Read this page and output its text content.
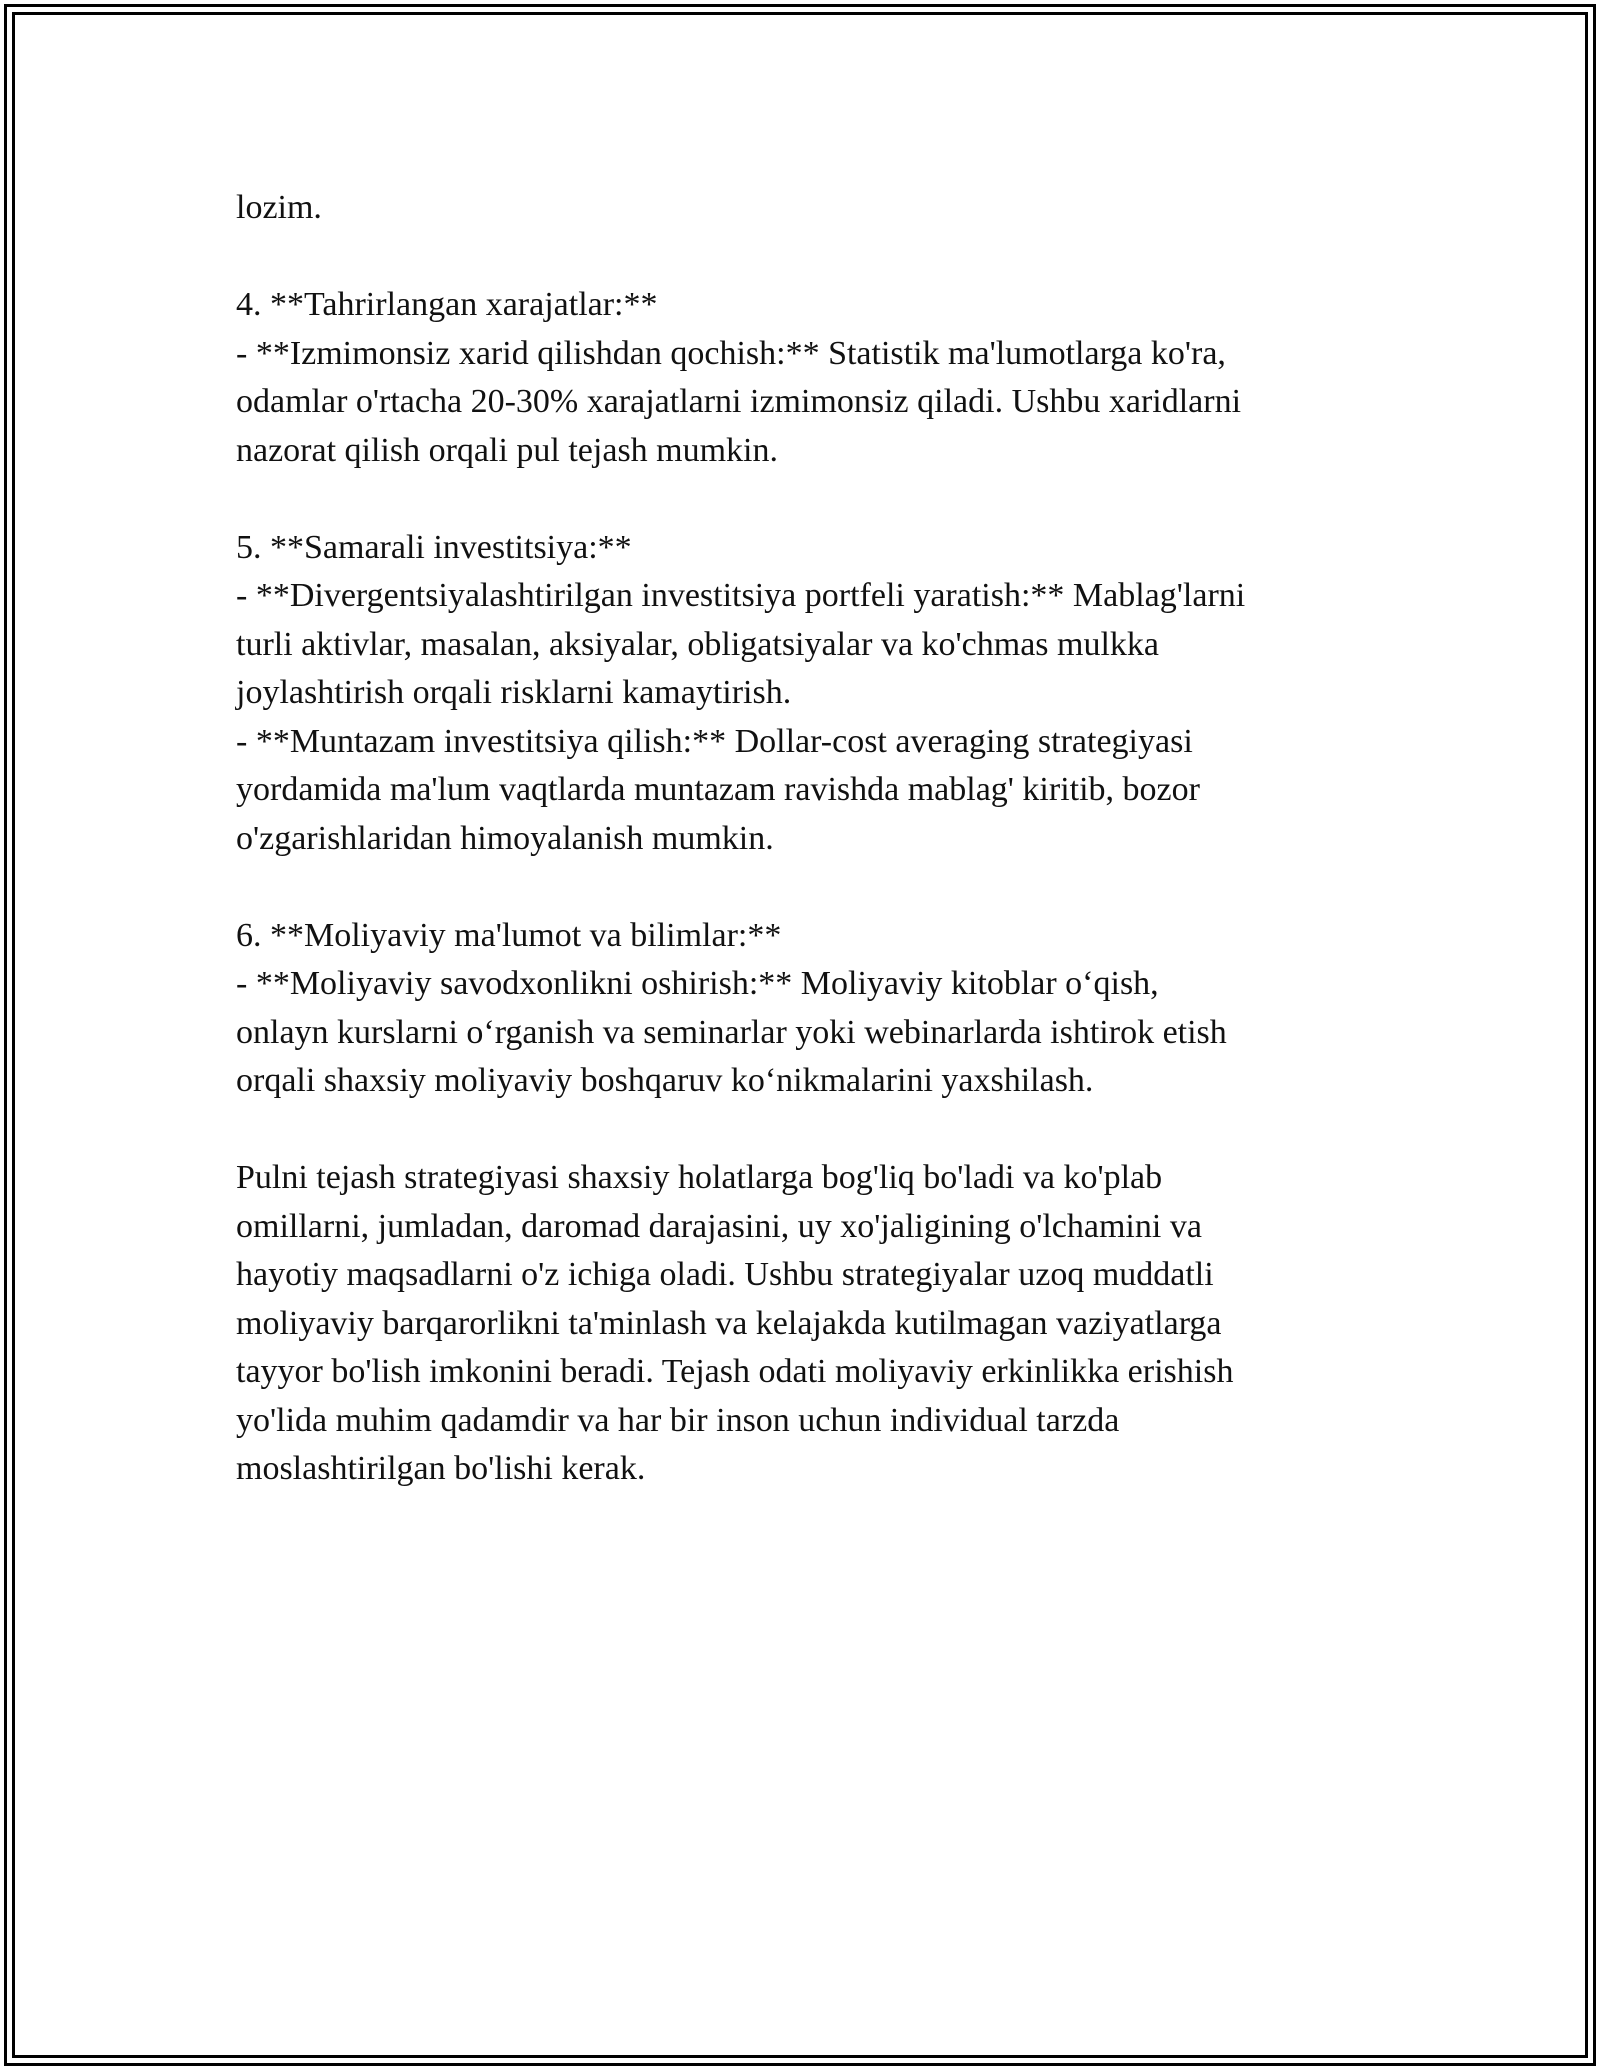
lozim.

4. **Tahrirlangan xarajatlar:**
- **Izmimonsiz xarid qilishdan qochish:** Statistik ma'lumotlarga ko'ra,
odamlar o'rtacha 20-30% xarajatlarni izmimonsiz qiladi. Ushbu xaridlarni
nazorat qilish orqali pul tejash mumkin.

5. **Samarali investitsiya:**
- **Divergentsiyalashtirilgan investitsiya portfeli yaratish:** Mablag'larni
turli aktivlar, masalan, aksiyalar, obligatsiyalar va ko'chmas mulkka
joylashtirish orqali risklarni kamaytirish.
- **Muntazam investitsiya qilish:** Dollar-cost averaging strategiyasi
yordamida ma'lum vaqtlarda muntazam ravishda mablag' kiritib, bozor
o'zgarishlaridan himoyalanish mumkin.

6. **Moliyaviy ma'lumot va bilimlar:**
- **Moliyaviy savodxonlikni oshirish:** Moliyaviy kitoblar o‘qish,
onlayn kurslarni o‘rganish va seminarlar yoki webinarlarda ishtirok etish
orqali shaxsiy moliyaviy boshqaruv ko‘nikmalarini yaxshilash.

Pulni tejash strategiyasi shaxsiy holatlarga bog'liq bo'ladi va ko'plab
omillarni, jumladan, daromad darajasini, uy xo'jaligining o'lchamini va
hayotiy maqsadlarni o'z ichiga oladi. Ushbu strategiyalar uzoq muddatli
moliyaviy barqarorlikni ta'minlash va kelajakda kutilmagan vaziyatlarga
tayyor bo'lish imkonini beradi. Tejash odati moliyaviy erkinlikka erishish
yo'lida muhim qadamdir va har bir inson uchun individual tarzda
moslashtirilgan bo'lishi kerak.
